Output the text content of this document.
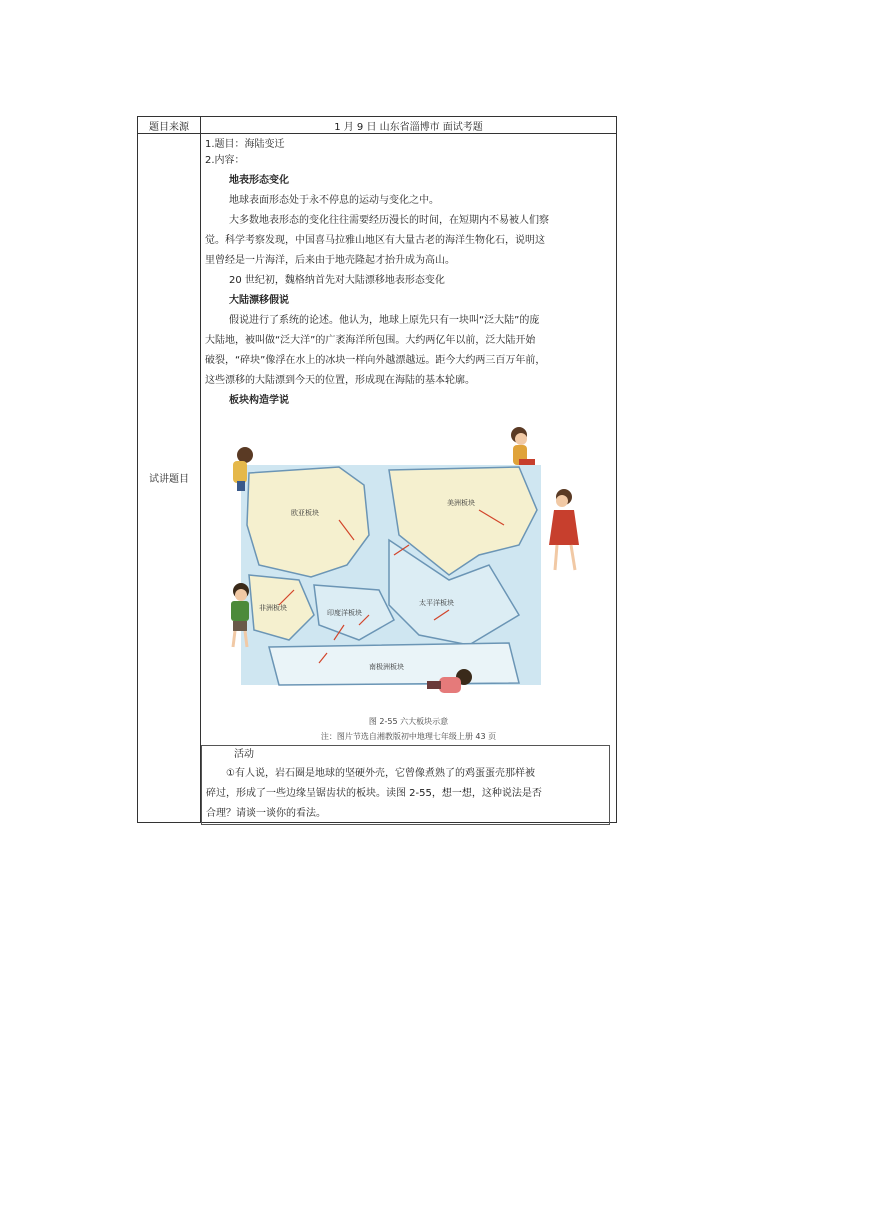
题目来源	1 月 9 日 山东省淄博市 面试考题
试讲题目
1.题目：海陆变迁
2.内容：
地表形态变化
地球表面形态处于永不停息的运动与变化之中。
大多数地表形态的变化往往需要经历漫长的时间，在短期内不易被人们察
觉。科学考察发现，中国喜马拉雅山地区有大量古老的海洋生物化石，说明这
里曾经是一片海洋，后来由于地壳隆起才抬升成为高山。
20 世纪初，魏格纳首先对大陆漂移地表形态变化
大陆漂移假说
假说进行了系统的论述。他认为，地球上原先只有一块叫“泛大陆”的庞
大陆地，被叫做“泛大洋”的广袤海洋所包围。大约两亿年以前，泛大陆开始
破裂，“碎块”像浮在水上的冰块一样向外越漂越远。距今大约两三百万年前，
这些漂移的大陆漂到今天的位置，形成现在海陆的基本轮廓。
板块构造学说
欧亚板块
美洲板块
太平洋板块
非洲板块
印度洋板块
南极洲板块
图 2-55 六大板块示意
注：图片节选自湘教版初中地理七年级上册 43 页
活动
①有人说，岩石圈是地球的坚硬外壳，它曾像煮熟了的鸡蛋蛋壳那样被
碎过，形成了一些边缘呈锯齿状的板块。读图 2-55，想一想，这种说法是否
合理？请谈一谈你的看法。
